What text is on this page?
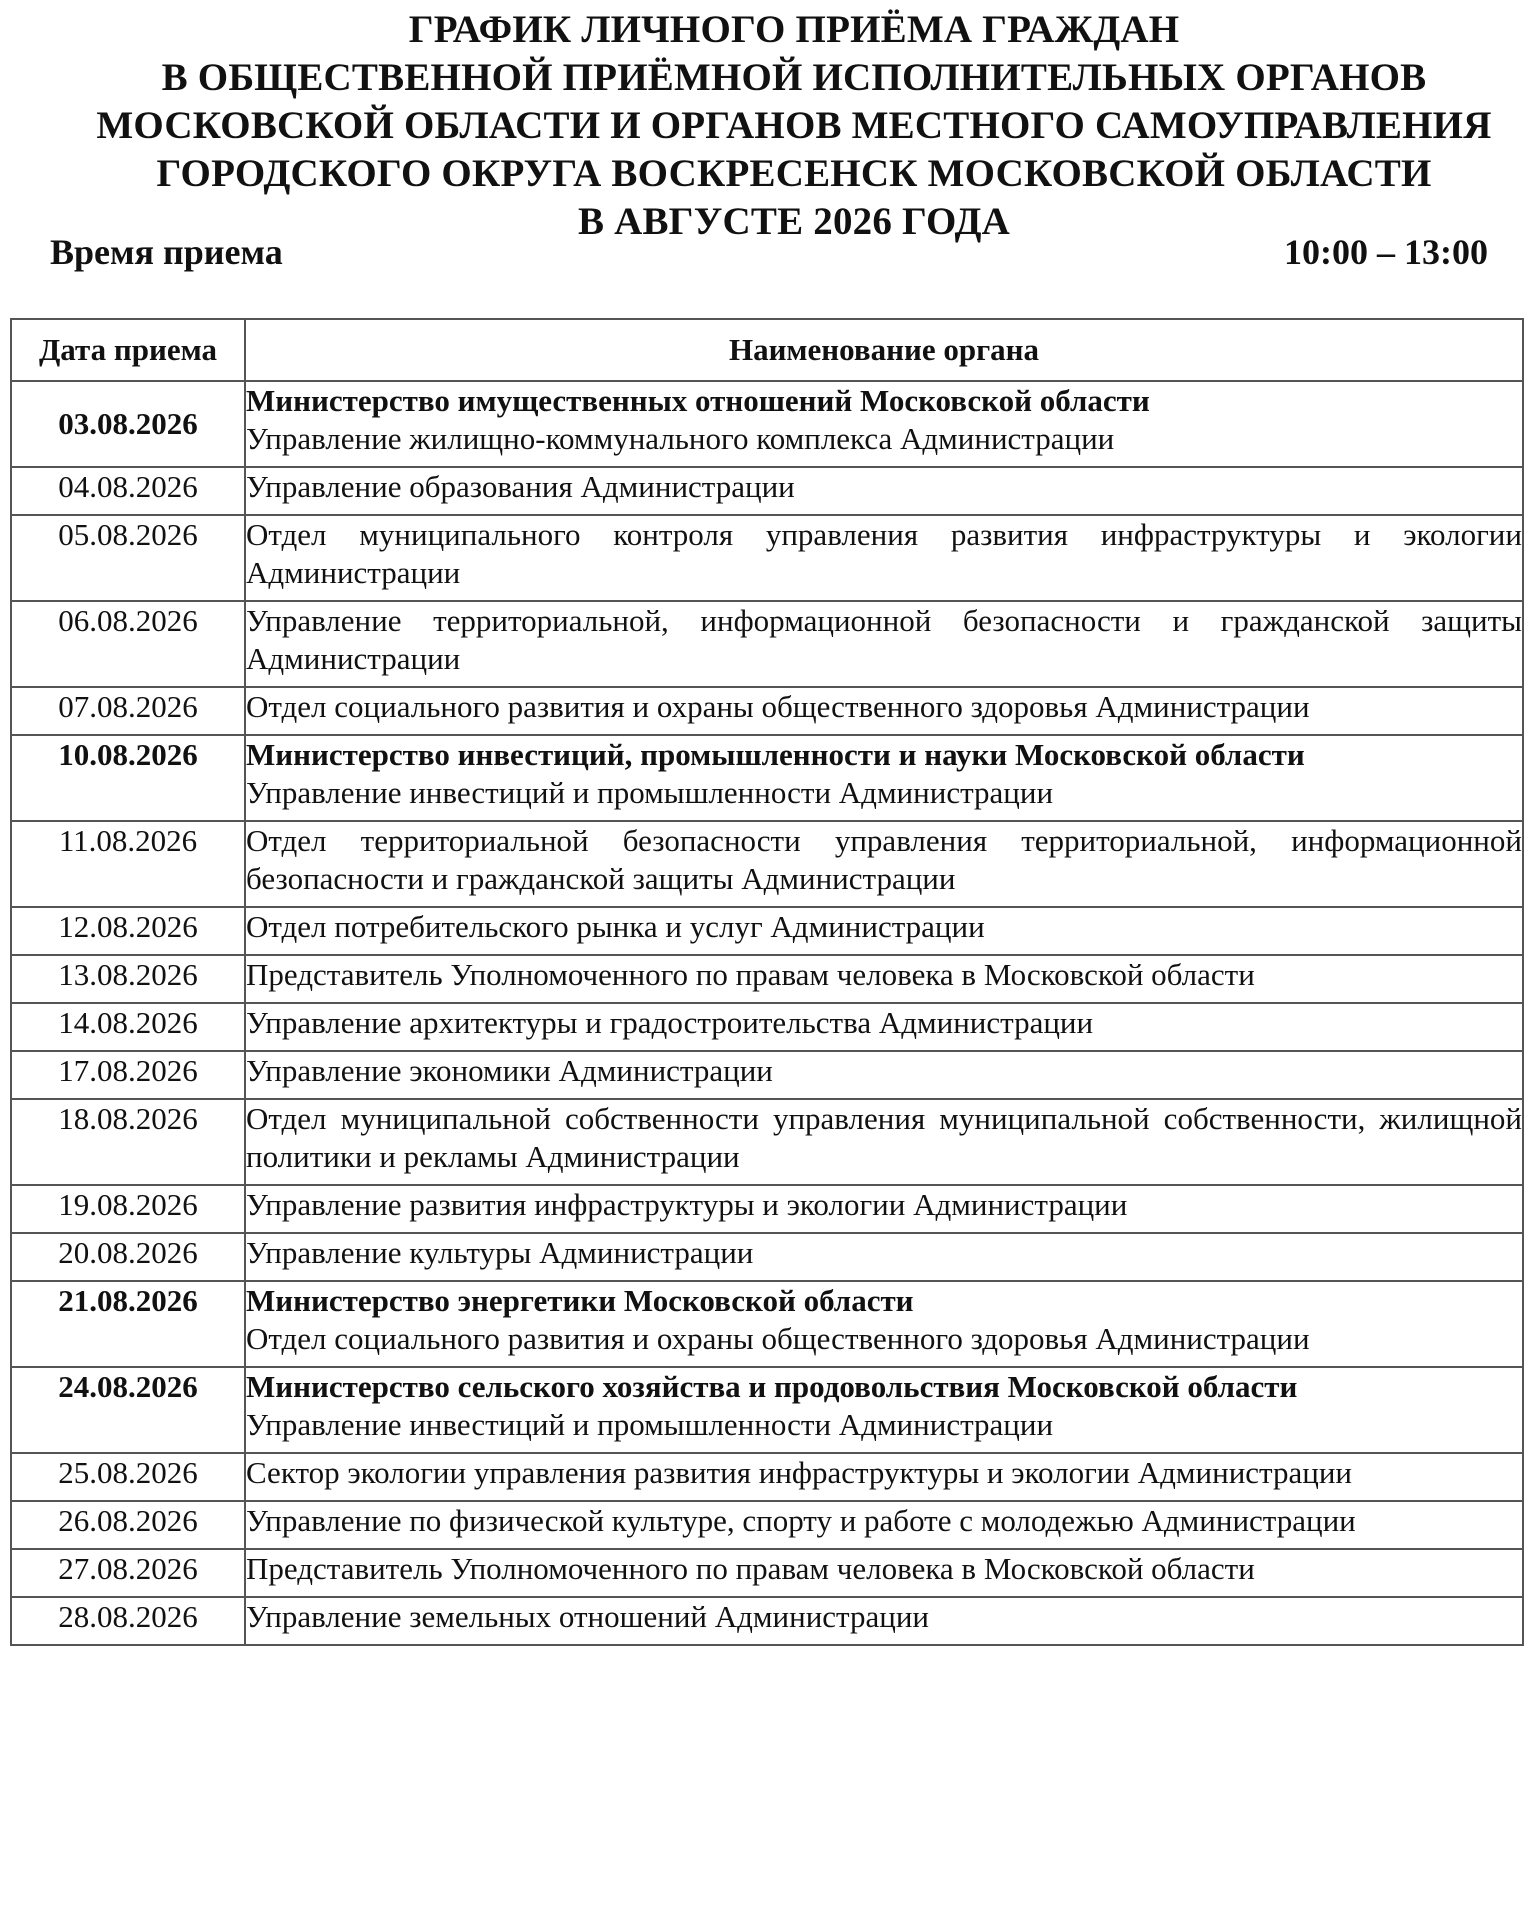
ГРАФИК ЛИЧНОГО ПРИЁМА ГРАЖДАН
В ОБЩЕСТВЕННОЙ ПРИЁМНОЙ ИСПОЛНИТЕЛЬНЫХ ОРГАНОВ
МОСКОВСКОЙ ОБЛАСТИ И ОРГАНОВ МЕСТНОГО САМОУПРАВЛЕНИЯ
ГОРОДСКОГО ОКРУГА ВОСКРЕСЕНСК МОСКОВСКОЙ ОБЛАСТИ
В АВГУСТЕ 2026 ГОДА
Время приема	10:00 – 13:00
Дата приема	Наименование органа
03.08.2026	Министерство имущественных отношений Московской области
Управление жилищно-коммунального комплекса Администрации

04.08.2026	Управление образования Администрации

05.08.2026	Отдел муниципального контроля управления развития инфраструктуры и экологии Администрации

06.08.2026	Управление территориальной, информационной безопасности и гражданской защиты Администрации

07.08.2026	Отдел социального развития и охраны общественного здоровья Администрации

10.08.2026	Министерство инвестиций, промышленности и науки Московской области
Управление инвестиций и промышленности Администрации

11.08.2026	Отдел территориальной безопасности управления территориальной, информационной безопасности и гражданской защиты Администрации

12.08.2026	Отдел потребительского рынка и услуг Администрации

13.08.2026	Представитель Уполномоченного по правам человека в Московской области

14.08.2026	Управление архитектуры и градостроительства Администрации

17.08.2026	Управление экономики Администрации

18.08.2026	Отдел муниципальной собственности управления муниципальной собственности, жилищной политики и рекламы Администрации

19.08.2026	Управление развития инфраструктуры и экологии Администрации

20.08.2026	Управление культуры Администрации

21.08.2026	Министерство энергетики Московской области
Отдел социального развития и охраны общественного здоровья Администрации

24.08.2026	Министерство сельского хозяйства и продовольствия Московской области
Управление инвестиций и промышленности Администрации

25.08.2026	Сектор экологии управления развития инфраструктуры и экологии Администрации

26.08.2026	Управление по физической культуре, спорту и работе с молодежью Администрации

27.08.2026	Представитель Уполномоченного по правам человека в Московской области

28.08.2026	Управление земельных отношений Администрации
